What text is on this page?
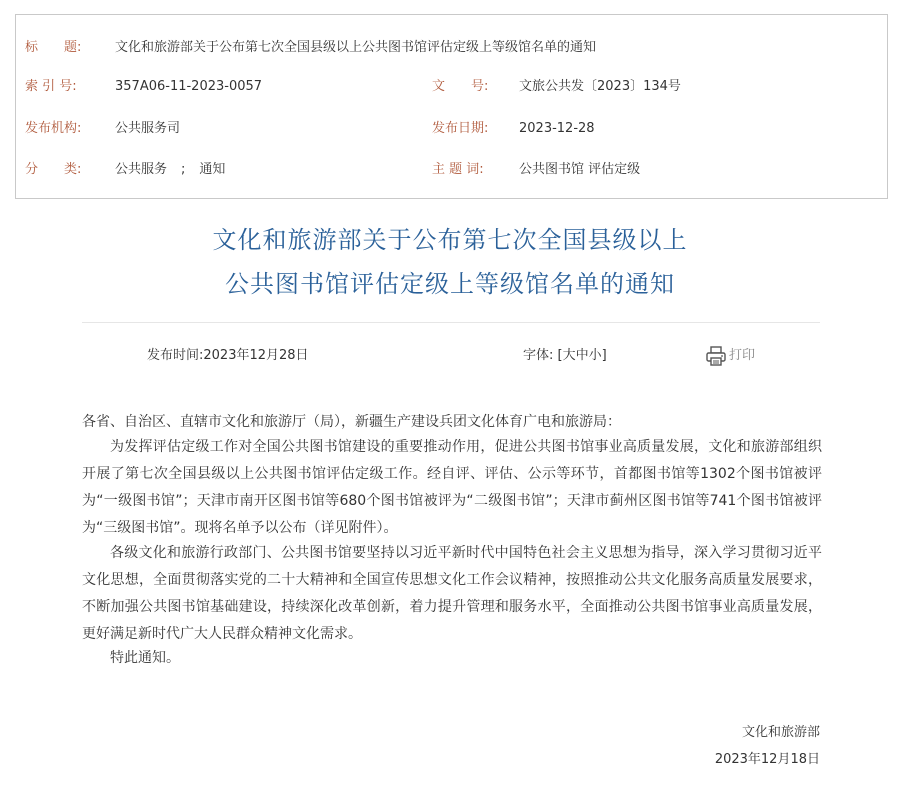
标　　题:	文化和旅游部关于公布第七次全国县级以上公共图书馆评估定级上等级馆名单的通知
索 引 号:	357A06-11-2023-0057	文　　号:	文旅公共发〔2023〕134号
发布机构:	公共服务司	发布日期:	2023-12-28
分　　类:	公共服务 ; 通知	主 题 词:	公共图书馆 评估定级
文化和旅游部关于公布第七次全国县级以上
公共图书馆评估定级上等级馆名单的通知
发布时间:2023年12月28日	字体: [大中小]	打印
各省、自治区、直辖市文化和旅游厅（局），新疆生产建设兵团文化体育广电和旅游局：
为发挥评估定级工作对全国公共图书馆建设的重要推动作用，促进公共图书馆事业高质量发展，文化和旅游部组织开展了第七次全国县级以上公共图书馆评估定级工作。经自评、评估、公示等环节，首都图书馆等1302个图书馆被评为“一级图书馆”；天津市南开区图书馆等680个图书馆被评为“二级图书馆”；天津市蓟州区图书馆等741个图书馆被评为“三级图书馆”。现将名单予以公布（详见附件）。
各级文化和旅游行政部门、公共图书馆要坚持以习近平新时代中国特色社会主义思想为指导，深入学习贯彻习近平文化思想，全面贯彻落实党的二十大精神和全国宣传思想文化工作会议精神，按照推动公共文化服务高质量发展要求，不断加强公共图书馆基础建设，持续深化改革创新，着力提升管理和服务水平，全面推动公共图书馆事业高质量发展，更好满足新时代广大人民群众精神文化需求。
特此通知。
文化和旅游部
2023年12月18日
